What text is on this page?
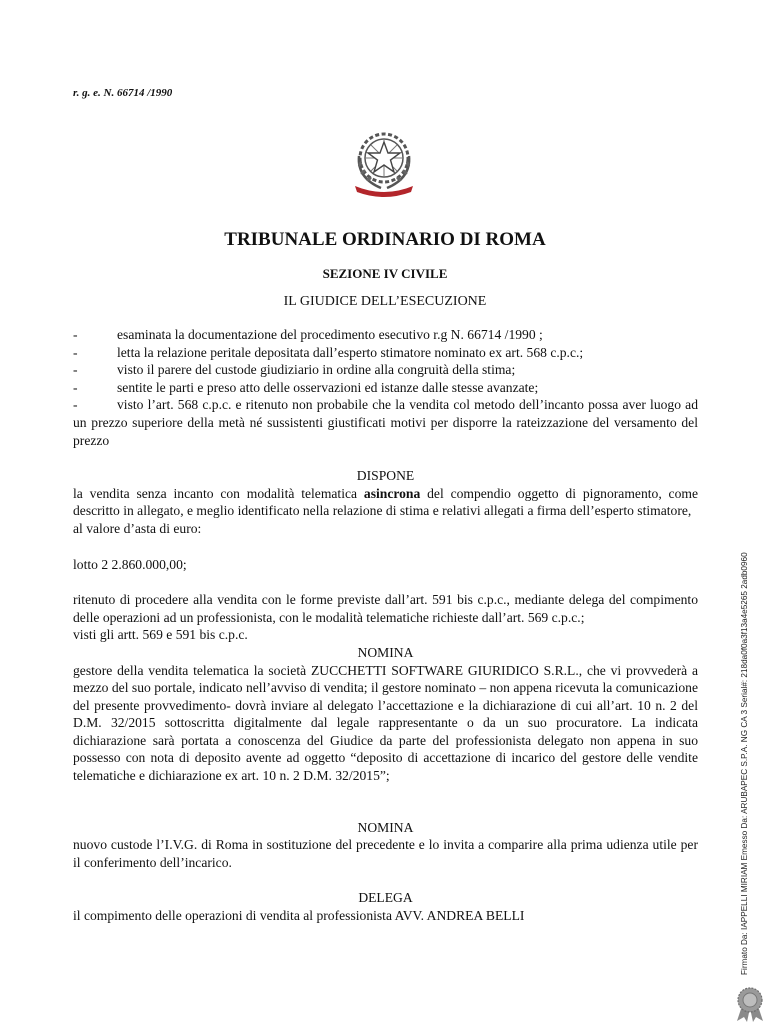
r. g. e. N. 66714 /1990
TRIBUNALE ORDINARIO DI ROMA
SEZIONE IV CIVILE
IL GIUDICE DELL’ESECUZIONE
-	esaminata la documentazione del procedimento esecutivo r.g N. 66714 /1990 ;
-	letta la relazione peritale depositata dall’esperto stimatore nominato ex art. 568 c.p.c.;
-	visto il parere del custode giudiziario in ordine alla congruità della stima;
-	sentite le parti e preso atto delle osservazioni ed istanze dalle stesse avanzate;

-	visto l’art. 568 c.p.c. e ritenuto non probabile che la vendita col metodo dell’incanto possa aver luogo ad un prezzo superiore della metà né sussistenti giustificati motivi per disporre la rateizzazione del versamento del prezzo

DISPONE

la vendita senza incanto con modalità telematica asincrona del compendio oggetto di pignoramento, come descritto in allegato, e meglio identificato nella relazione di stima e relativi allegati a firma dell’esperto stimatore,

al valore d’asta di euro:

lotto 2 2.860.000,00;

ritenuto di procedere alla vendita con le forme previste dall’art. 591 bis c.p.c., mediante delega del compimento delle operazioni ad un professionista, con le modalità telematiche richieste dall’art. 569 c.p.c.;

visti gli artt. 569 e 591 bis c.p.c.

NOMINA

gestore della vendita telematica la società ZUCCHETTI SOFTWARE GIURIDICO S.R.L., che vi provvederà a mezzo del suo portale, indicato nell’avviso di vendita; il gestore nominato – non appena ricevuta la comunicazione del presente provvedimento- dovrà inviare al delegato l’accettazione e la dichiarazione di cui all’art. 10 n. 2 del D.M. 32/2015 sottoscritta digitalmente dal legale rappresentante o da un suo procuratore. La indicata dichiarazione sarà portata a conoscenza del Giudice da parte del professionista delegato non appena in suo possesso con nota di deposito avente ad oggetto “deposito di accettazione di incarico del gestore delle vendite telematiche e dichiarazione ex art. 10 n. 2 D.M. 32/2015”;

NOMINA

nuovo custode l’I.V.G. di Roma in sostituzione del precedente e lo invita a comparire alla prima udienza utile per il conferimento dell’incarico.

DELEGA

il compimento delle operazioni di vendita al professionista AVV. ANDREA BELLI	Firmato Da: IAPPELLI MIRIAM Emesso Da: ARUBAPEC S.P.A. NG CA 3 Serial#: 218da0f0a3f13a4e5265 2adb0960
